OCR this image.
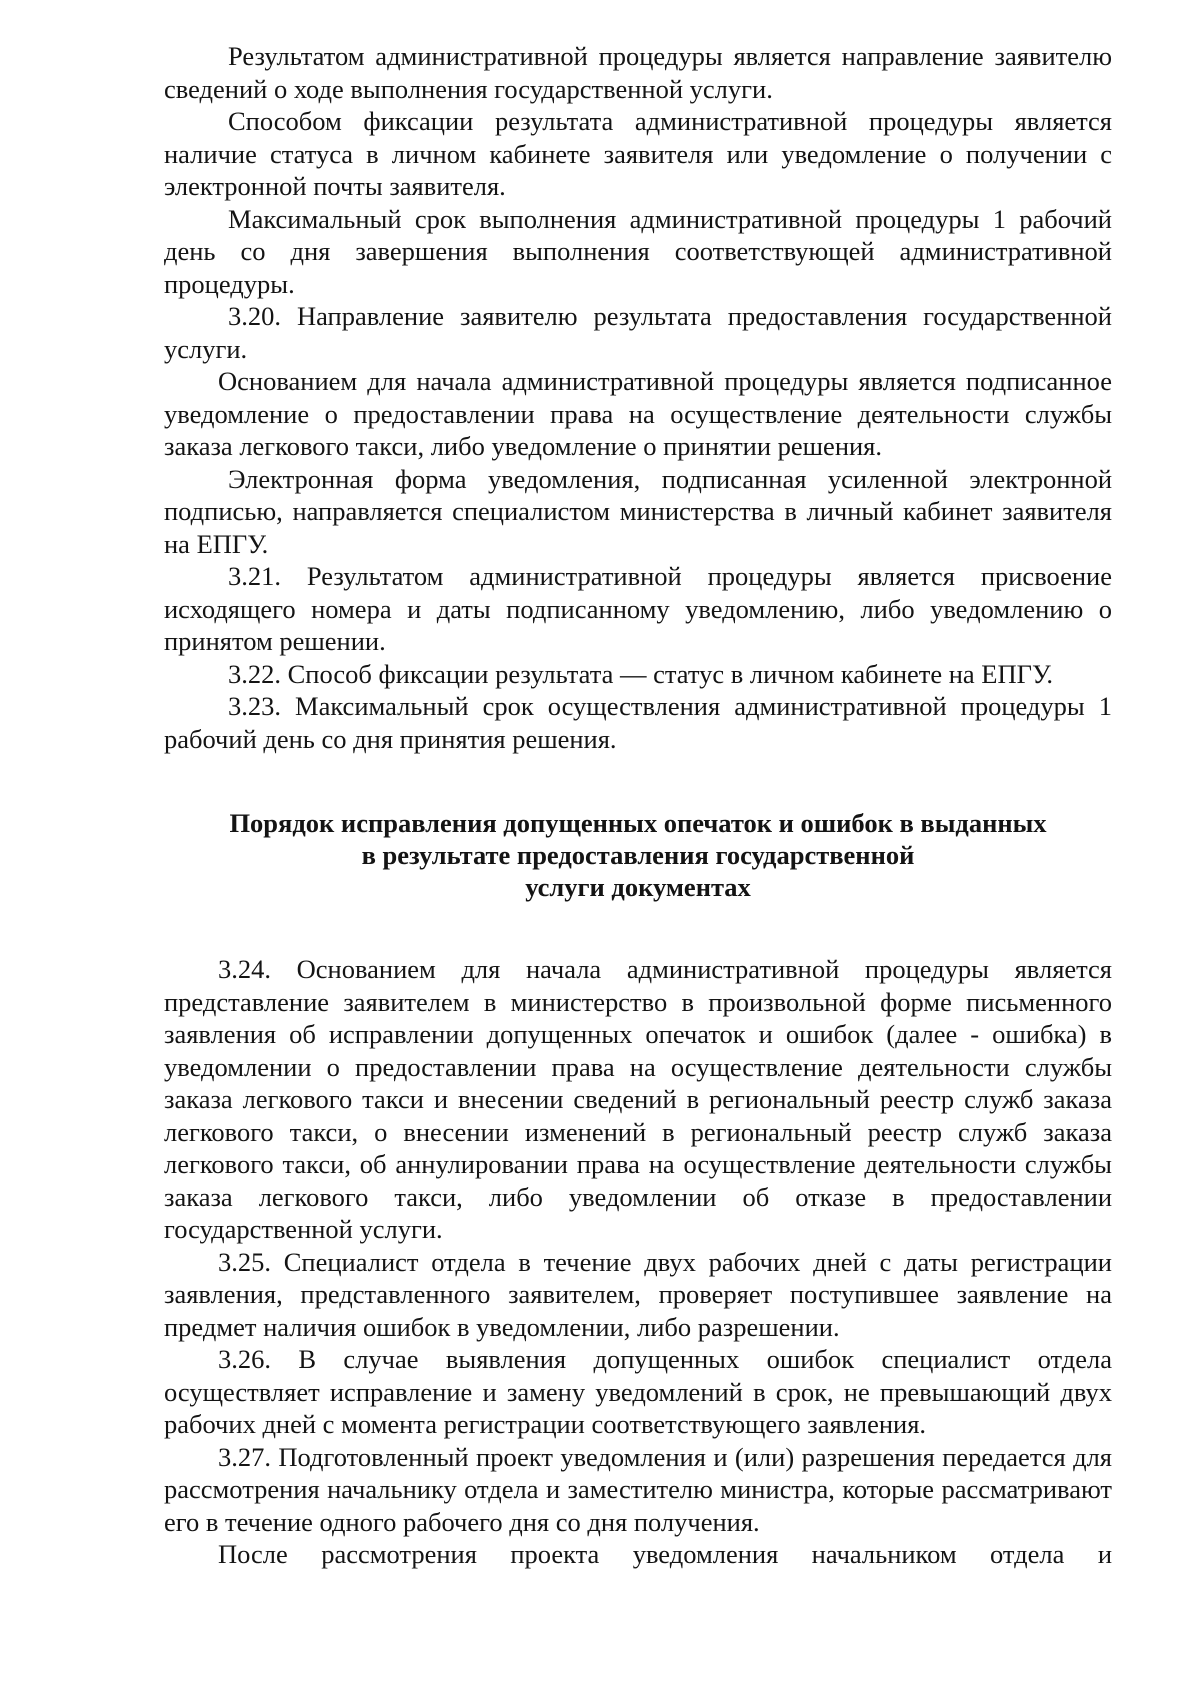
Результатом административной процедуры является направление заявителю сведений о ходе выполнения государственной услуги.

Способом фиксации результата административной процедуры является наличие статуса в личном кабинете заявителя или уведомление о получении с электронной почты заявителя.

Максимальный срок выполнения административной процедуры 1 рабочий день со дня завершения выполнения соответствующей административной процедуры.

3.20. Направление заявителю результата предоставления государственной услуги.

Основанием для начала административной процедуры является подписанное уведомление о предоставлении права на осуществление деятельности службы заказа легкового такси, либо уведомление о принятии решения.

Электронная форма уведомления, подписанная усиленной электронной подписью, направляется специалистом министерства в личный кабинет заявителя на ЕПГУ.

3.21. Результатом административной процедуры является присвоение исходящего номера и даты подписанному уведомлению, либо уведомлению о принятом решении.

3.22. Способ фиксации результата — статус в личном кабинете на ЕПГУ.

3.23. Максимальный срок осуществления административной процедуры 1 рабочий день со дня принятия решения.

Порядок исправления допущенных опечаток и ошибок в выданных
в результате предоставления государственной
услуги документах

3.24. Основанием для начала административной процедуры является представление заявителем в министерство в произвольной форме письменного заявления об исправлении допущенных опечаток и ошибок (далее - ошибка) в уведомлении о предоставлении права на осуществление деятельности службы заказа легкового такси и внесении сведений в региональный реестр служб заказа легкового такси, о внесении изменений в региональный реестр служб заказа легкового такси, об аннулировании права на осуществление деятельности службы заказа легкового такси, либо уведомлении об отказе в предоставлении государственной услуги.

3.25. Специалист отдела в течение двух рабочих дней с даты регистрации заявления, представленного заявителем, проверяет поступившее заявление на предмет наличия ошибок в уведомлении, либо разрешении.

3.26. В случае выявления допущенных ошибок специалист отдела осуществляет исправление и замену уведомлений в срок, не превышающий двух рабочих дней с момента регистрации соответствующего заявления.

3.27. Подготовленный проект уведомления и (или) разрешения передается для рассмотрения начальнику отдела и заместителю министра, которые рассматривают его в течение одного рабочего дня со дня получения.

После рассмотрения проекта уведомления начальником отдела и
